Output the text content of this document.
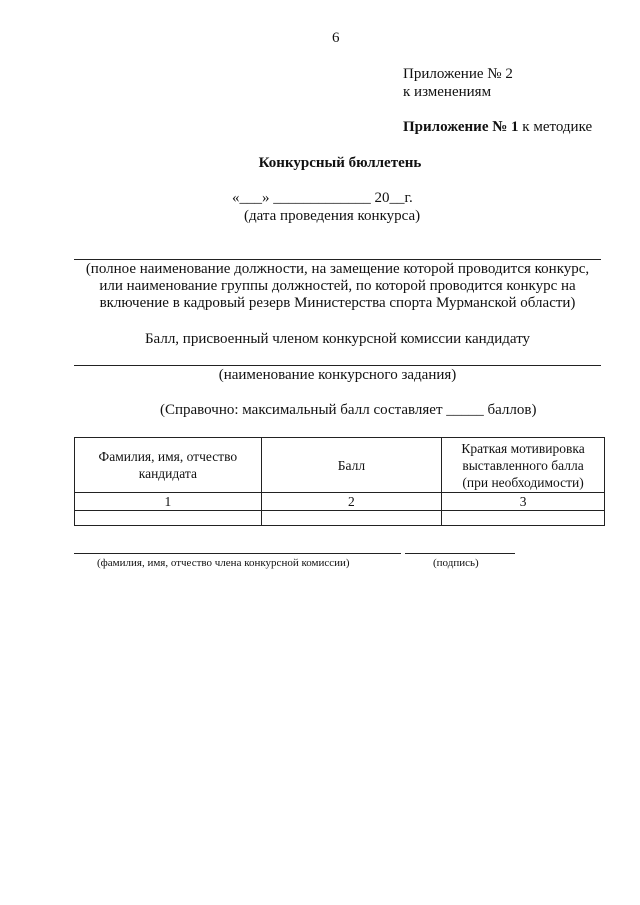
6
Приложение № 2
к изменениям
Приложение № 1 к методике
Конкурсный бюллетень
«___» _____________ 20__г.
(дата проведения конкурса)
(полное наименование должности, на замещение которой проводится конкурс,
или наименование группы должностей, по которой проводится конкурс на
включение в кадровый резерв Министерства спорта Мурманской области)
Балл, присвоенный членом конкурсной комиссии кандидату
(наименование конкурсного задания)
(Справочно: максимальный балл составляет _____ баллов)
Фамилия, имя, отчество кандидата	Балл	Краткая мотивировка выставленного балла (при необходимости)

1	2	3

(фамилия, имя, отчество члена конкурсной комиссии)	(подпись)
